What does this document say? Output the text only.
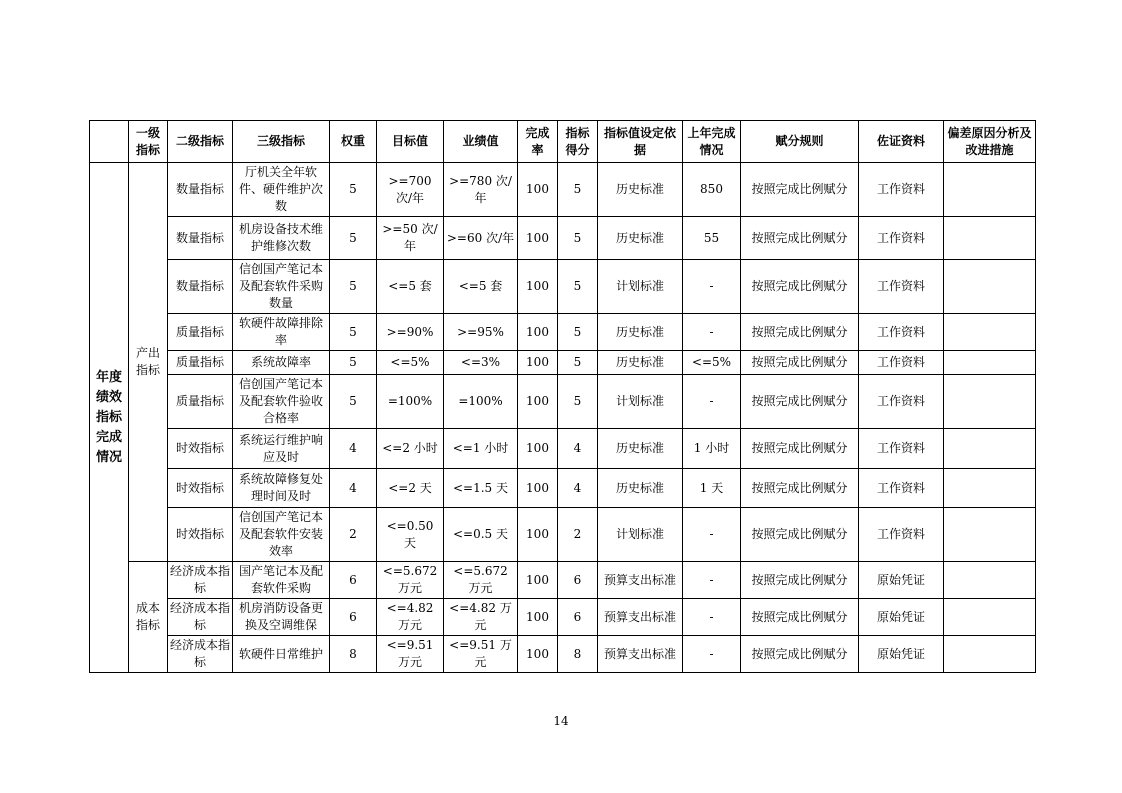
	一级指标	二级指标	三级指标	权重	目标值	业绩值	完成率	指标得分	指标值设定依据	上年完成情况	赋分规则	佐证资料	偏差原因分析及改进措施
年度绩效指标完成情况	产出指标	数量指标	厅机关全年软件、硬件维护次数	5	>=700 次/年	>=780 次/年	100	5	历史标准	850	按照完成比例赋分	工作资料	
		数量指标	机房设备技术维护维修次数	5	>=50 次/年	>=60 次/年	100	5	历史标准	55	按照完成比例赋分	工作资料	
		数量指标	信创国产笔记本及配套软件采购数量	5	<=5 套	<=5 套	100	5	计划标准	-	按照完成比例赋分	工作资料	
		质量指标	软硬件故障排除率	5	>=90%	>=95%	100	5	历史标准	-	按照完成比例赋分	工作资料	
		质量指标	系统故障率	5	<=5%	<=3%	100	5	历史标准	<=5%	按照完成比例赋分	工作资料	
		质量指标	信创国产笔记本及配套软件验收合格率	5	=100%	=100%	100	5	计划标准	-	按照完成比例赋分	工作资料	
		时效指标	系统运行维护响应及时	4	<=2 小时	<=1 小时	100	4	历史标准	1 小时	按照完成比例赋分	工作资料	
		时效指标	系统故障修复处理时间及时	4	<=2 天	<=1.5 天	100	4	历史标准	1 天	按照完成比例赋分	工作资料	
		时效指标	信创国产笔记本及配套软件安装效率	2	<=0.50 天	<=0.5 天	100	2	计划标准	-	按照完成比例赋分	工作资料	
	成本指标	经济成本指标	国产笔记本及配套软件采购	6	<=5.672 万元	<=5.672 万元	100	6	预算支出标准	-	按照完成比例赋分	原始凭证	
		经济成本指标	机房消防设备更换及空调维保	6	<=4.82 万元	<=4.82 万元	100	6	预算支出标准	-	按照完成比例赋分	原始凭证	
		经济成本指标	软硬件日常维护	8	<=9.51 万元	<=9.51 万元	100	8	预算支出标准	-	按照完成比例赋分	原始凭证	
14
